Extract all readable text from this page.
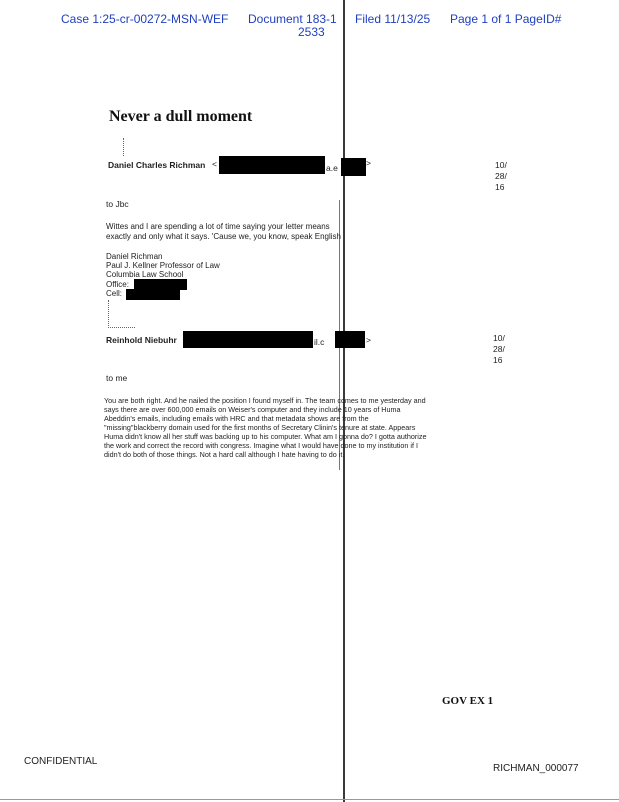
Case 1:25-cr-00272-MSN-WEF Document 183-1
2533
Filed 11/13/25 Page 1 of 1 PageID#
Never a dull moment
Daniel Charles Richman <	a.e	>	10/
28/
16
to Jbc
Wittes and I are spending a lot of time saying your letter means
exactly and only what it says. 'Cause we, you know, speak English
Daniel Richman
Paul J. Kellner Professor of Law
Columbia Law School
Office:
Cell:
Reinhold Niebuhr	il.c	>	10/
28/
16
to me
You are both right. And he nailed the position I found myself in. The team comes to me yesterday and
says there are over 600,000 emails on Weiser's computer and they include 10 years of Huma
Abeddin's emails, including emails with HRC and that metadata shows are from the
"missing"blackberry domain used for the first months of Secretary Clinin's tenure at state. Appears
Huma didn't know all her stuff was backing up to his computer. What am I gonna do? I gotta authorize
the work and correct the record with congress. Imagine what I would have done to my institution if I
didn't do both of those things. Not a hard call although I hate having to do it.
GOV EX 1
CONFIDENTIAL
RICHMAN_000077
